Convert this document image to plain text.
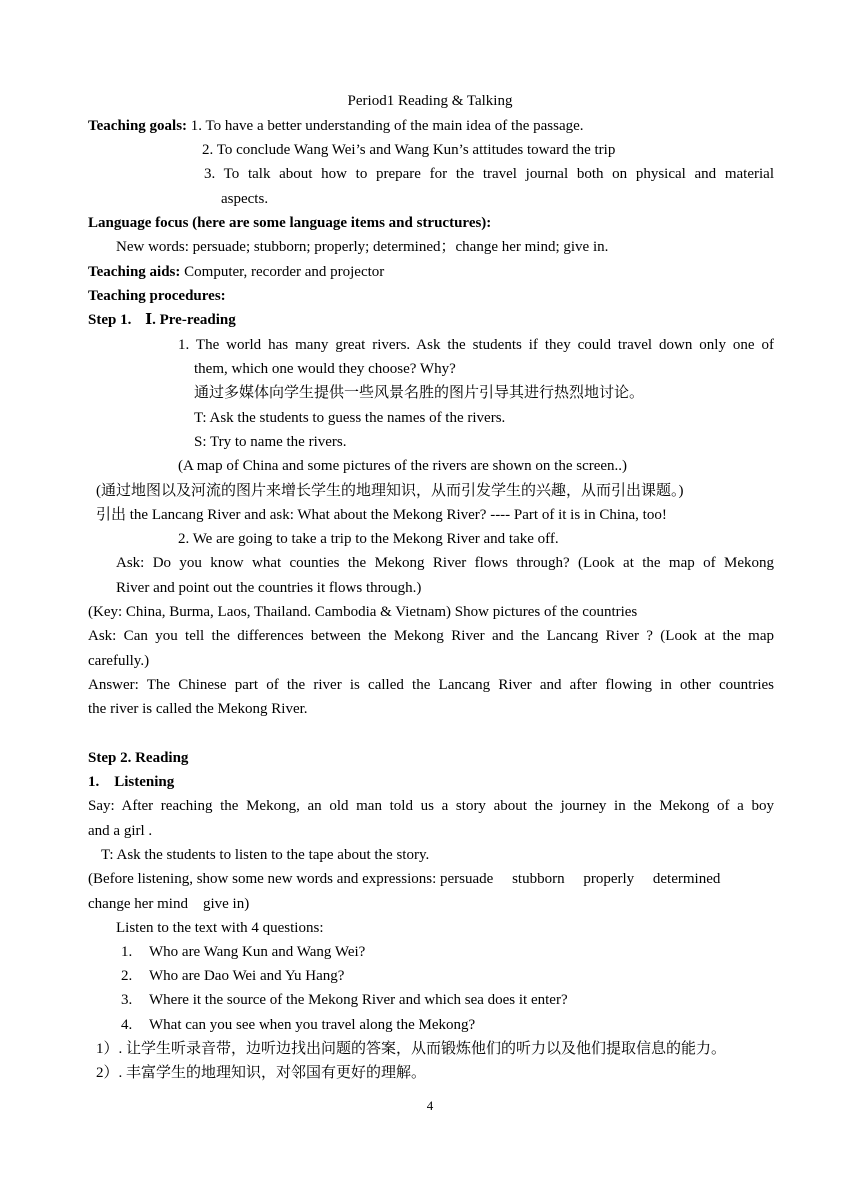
Period1 Reading & Talking
Teaching goals: 1. To have a better understanding of the main idea of the passage.
2. To conclude Wang Wei’s and Wang Kun’s attitudes toward the trip
3. To talk about how to prepare for the travel journal both on physical and material
aspects.
Language focus (here are some language items and structures):
New words: persuade; stubborn; properly; determined；change her mind; give in.
Teaching aids: Computer, recorder and projector
Teaching procedures:
Step 1. Ⅰ. Pre-reading
1. The world has many great rivers. Ask the students if they could travel down only one of
them, which one would they choose? Why?
通过多媒体向学生提供一些风景名胜的图片引导其进行热烈地讨论。
T: Ask the students to guess the names of the rivers.
S: Try to name the rivers.
(A map of China and some pictures of the rivers are shown on the screen..)
(通过地图以及河流的图片来增长学生的地理知识，从而引发学生的兴趣，从而引出课题。)
引出 the Lancang River and ask: What about the Mekong River? ---- Part of it is in China, too!
2. We are going to take a trip to the Mekong River and take off.
Ask: Do you know what counties the Mekong River flows through? (Look at the map of Mekong
River and point out the countries it flows through.)
(Key: China, Burma, Laos, Thailand. Cambodia & Vietnam) Show pictures of the countries
Ask: Can you tell the differences between the Mekong River and the Lancang River ? (Look at the map
carefully.)
Answer: The Chinese part of the river is called the Lancang River and after flowing in other countries
the river is called the Mekong River.
Step 2. Reading
1.    Listening
Say: After reaching the Mekong, an old man told us a story about the journey in the Mekong of a boy
and a girl .
T: Ask the students to listen to the tape about the story.
(Before listening, show some new words and expressions: persuade     stubborn     properly     determined
change her mind    give in)
Listen to the text with 4 questions:
1. Who are Wang Kun and Wang Wei?
2. Who are Dao Wei and Yu Hang?
3. Where it the source of the Mekong River and which sea does it enter?
4. What can you see when you travel along the Mekong?
1）. 让学生听录音带，边听边找出问题的答案，从而锻炼他们的听力以及他们提取信息的能力。
2）. 丰富学生的地理知识，对邻国有更好的理解。
4
